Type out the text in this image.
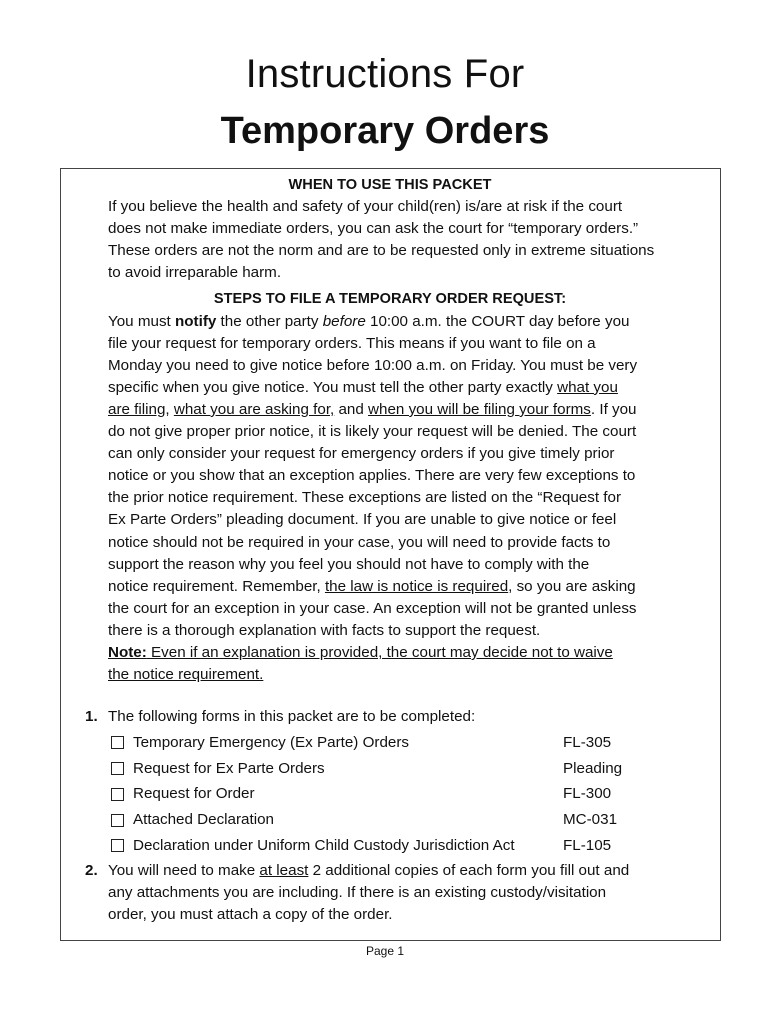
Instructions For
Temporary Orders
WHEN TO USE THIS PACKET

If you believe the health and safety of your child(ren) is/are at risk if the court

does not make immediate orders, you can ask the court for “temporary orders.”

These orders are not the norm and are to be requested only in extreme situations

to avoid irreparable harm.

STEPS TO FILE A TEMPORARY ORDER REQUEST:

You must notify the other party before 10:00 a.m. the COURT day before you

file your request for temporary orders. This means if you want to file on a

Monday you need to give notice before 10:00 a.m. on Friday. You must be very

specific when you give notice. You must tell the other party exactly what you

are filing, what you are asking for, and when you will be filing your forms. If you

do not give proper prior notice, it is likely your request will be denied. The court

can only consider your request for emergency orders if you give timely prior

notice or you show that an exception applies. There are very few exceptions to

the prior notice requirement. These exceptions are listed on the “Request for

Ex Parte Orders” pleading document. If you are unable to give notice or feel

notice should not be required in your case, you will need to provide facts to

support the reason why you feel you should not have to comply with the

notice requirement. Remember, the law is notice is required, so you are asking

the court for an exception in your case. An exception will not be granted unless

there is a thorough explanation with facts to support the request.

Note: Even if an explanation is provided, the court may decide not to waive

the notice requirement.

1. The following forms in this packet are to be completed:
Temporary Emergency (Ex Parte) Orders	FL-305
Request for Ex Parte Orders	Pleading
Request for Order	FL-300
Attached Declaration	MC-031
Declaration under Uniform Child Custody Jurisdiction Act	FL-105
2. You will need to make at least 2 additional copies of each form you fill out and
any attachments you are including. If there is an existing custody/visitation
order, you must attach a copy of the order.
Page 1
